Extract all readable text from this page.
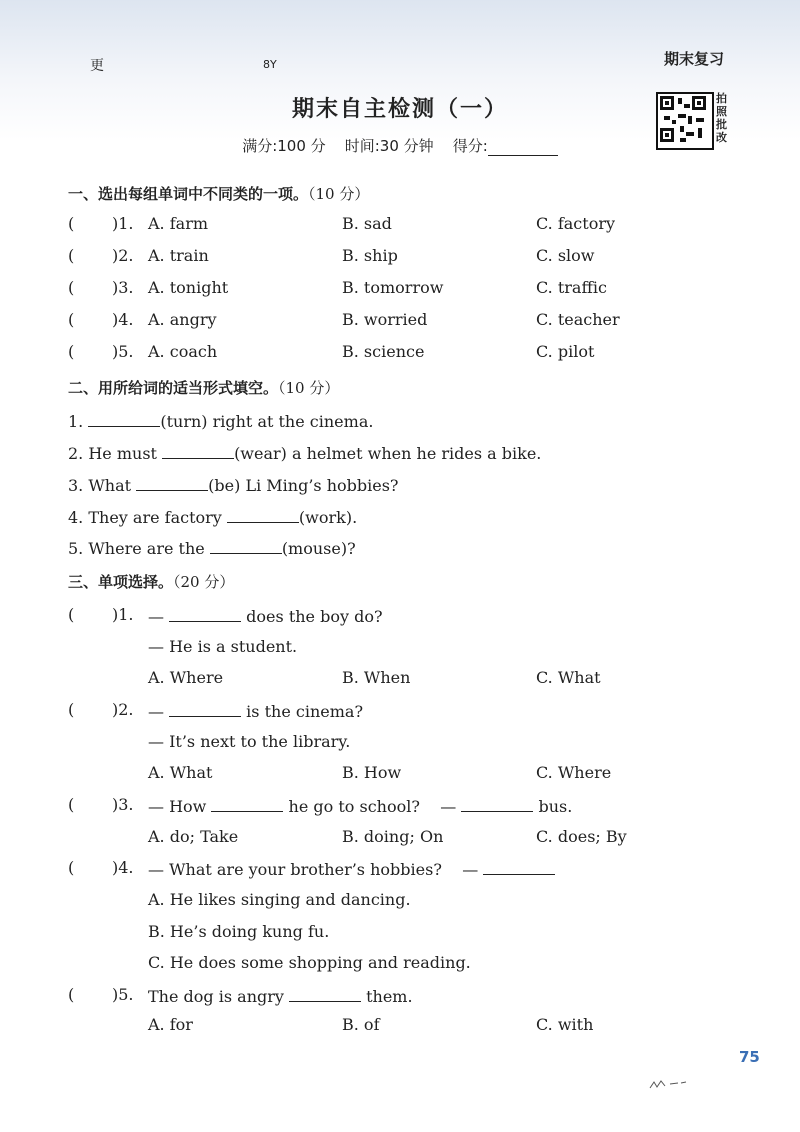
更	8Y	期末复习
期末自主检测（一）
满分:100 分 时间:30 分钟 得分:
拍照批改
一、选出每组单词中不同类的一项。（10 分）
( )1. A. farm	B. sad	C. factory
( )2. A. train	B. ship	C. slow
( )3. A. tonight	B. tomorrow	C. traffic
( )4. A. angry	B. worried	C. teacher
( )5. A. coach	B. science	C. pilot
二、用所给词的适当形式填空。（10 分）
1.	(turn) right at the cinema.
2. He must	(wear) a helmet when he rides a bike.
3. What	(be) Li Ming’s hobbies?
4. They are factory	(work).
5. Where are the	(mouse)?
三、单项选择。（20 分）
( )1. —	does the boy do?
— He is a student.
A. Where	B. When	C. What
( )2. —	is the cinema?
— It’s next to the library.
A. What	B. How	C. Where
( )3. — How	he go to school? —	bus.
A. do; Take	B. doing; On	C. does; By
( )4. — What are your brother’s hobbies? —
A. He likes singing and dancing.
B. He’s doing kung fu.
C. He does some shopping and reading.
( )5. The dog is angry	them.
A. for	B. of	C. with
75
